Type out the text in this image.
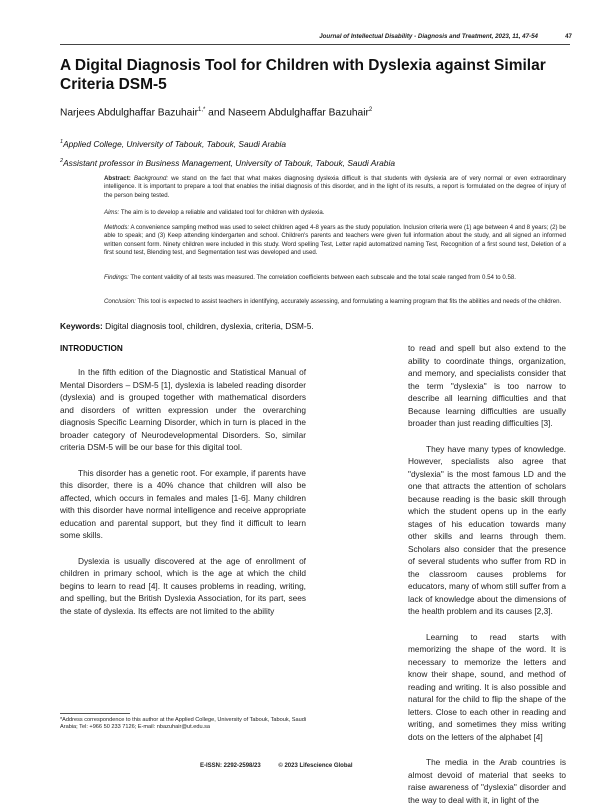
Journal of Intellectual Disability - Diagnosis and Treatment, 2023, 11, 47-54	47
A Digital Diagnosis Tool for Children with Dyslexia against Similar Criteria DSM-5
Narjees Abdulghaffar Bazuhair$^{1,*}$ and Naseem Abdulghaffar Bazuhair$^2$
$^1$Applied College, University of Tabouk, Tabouk, Saudi Arabia
$^2$Assistant professor in Business Management, University of Tabouk, Tabouk, Saudi Arabia
Abstract: Background: we stand on the fact that what makes diagnosing dyslexia difficult is that students with dyslexia are of very normal or even extraordinary intelligence. It is important to prepare a tool that enables the initial diagnosis of this disorder, and in the light of its results, a report is formulated on the degree of injury of the person being tested.
Aims: The aim is to develop a reliable and validated tool for children with dyslexia.
Methods: A convenience sampling method was used to select children aged 4-8 years as the study population. Inclusion criteria were (1) age between 4 and 8 years; (2) be able to speak; and (3) Keep attending kindergarten and school. Children's parents and teachers were given full information about the study, and all signed an informed written consent form. Ninety children were included in this study. Word spelling Test, Letter rapid automatized naming Test, Recognition of a first sound test, Deletion of a first sound test, Blending test, and Segmentation test was developed and used.
Findings: The content validity of all tests was measured. The correlation coefficients between each subscale and the total scale ranged from 0.54 to 0.58.
Conclusion: This tool is expected to assist teachers in identifying, accurately assessing, and formulating a learning program that fits the abilities and needs of the children.
Keywords: Digital diagnosis tool, children, dyslexia, criteria, DSM-5.
INTRODUCTION

In the fifth edition of the Diagnostic and Statistical Manual of Mental Disorders – DSM-5 [1], dyslexia is labeled reading disorder (dyslexia) and is grouped together with mathematical disorders and disorders of written expression under the overarching diagnosis Specific Learning Disorder, which in turn is placed in the broader category of Neurodevelopmental Disorders. So, similar criteria DSM-5 will be our base for this digital tool.

This disorder has a genetic root. For example, if parents have this disorder, there is a 40% chance that children will also be affected, which occurs in females and males [1-6]. Many children with this disorder have normal intelligence and receive appropriate education and parental support, but they find it difficult to learn some skills.

Dyslexia is usually discovered at the age of enrollment of children in primary school, which is the age at which the child begins to learn to read [4]. It causes problems in reading, writing, and spelling, but the British Dyslexia Association, for its part, sees the state of dyslexia. Its effects are not limited to the ability

to read and spell but also extend to the ability to coordinate things, organization, and memory, and specialists consider that the term "dyslexia" is too narrow to describe all learning difficulties and that Because learning difficulties are usually broader than just reading difficulties [3].

They have many types of knowledge. However, specialists also agree that "dyslexia" is the most famous LD and the one that attracts the attention of scholars because reading is the basic skill through which the student opens up in the early stages of his education towards many other skills and learns through them. Scholars also consider that the presence of several students who suffer from RD in the classroom causes problems for educators, many of whom still suffer from a lack of knowledge about the dimensions of the health problem and its causes [2,3].

Learning to read starts with memorizing the shape of the word. It is necessary to memorize the letters and know their shape, sound, and method of reading and writing. It is also possible and natural for the child to flip the shape of the letters. Close to each other in reading and writing, and sometimes they miss writing dots on the letters of the alphabet [4]

The media in the Arab countries is almost devoid of material that seeks to raise awareness of "dyslexia" disorder and the way to deal with it, in light of the

*Address correspondence to this author at the Applied College, University of Tabouk, Tabouk, Saudi Arabia; Tel: +966 50 233 7126; E-mail: nbazuhair@ut.edu.sa
E-ISSN: 2292-2598/23	© 2023 Lifescience Global
